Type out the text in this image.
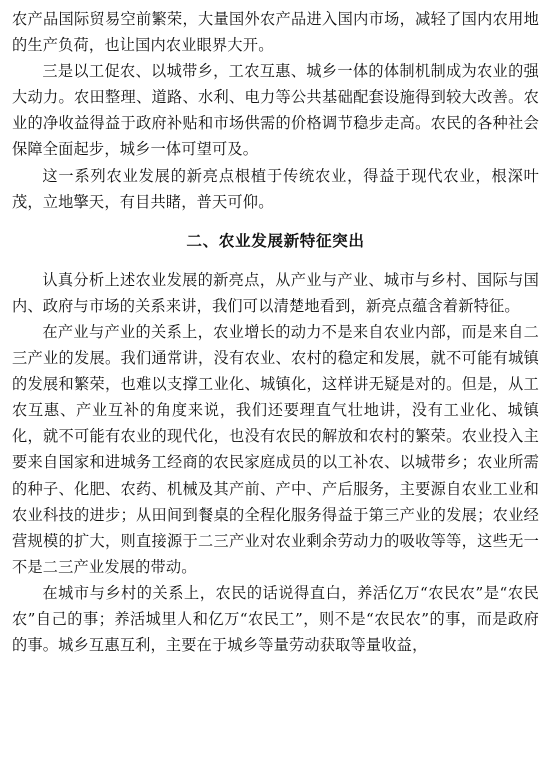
农产品国际贸易空前繁荣，大量国外农产品进入国内市场，减轻了国内农用地的生产负荷，也让国内农业眼界大开。

三是以工促农、以城带乡，工农互惠、城乡一体的体制机制成为农业的强大动力。农田整理、道路、水利、电力等公共基础配套设施得到较大改善。农业的净收益得益于政府补贴和市场供需的价格调节稳步走高。农民的各种社会保障全面起步，城乡一体可望可及。

这一系列农业发展的新亮点根植于传统农业，得益于现代农业，根深叶茂，立地擎天，有目共睹，普天可仰。

二、农业发展新特征突出

认真分析上述农业发展的新亮点，从产业与产业、城市与乡村、国际与国内、政府与市场的关系来讲，我们可以清楚地看到，新亮点蕴含着新特征。

在产业与产业的关系上，农业增长的动力不是来自农业内部，而是来自二三产业的发展。我们通常讲，没有农业、农村的稳定和发展，就不可能有城镇的发展和繁荣，也难以支撑工业化、城镇化，这样讲无疑是对的。但是，从工农互惠、产业互补的角度来说，我们还要理直气壮地讲，没有工业化、城镇化，就不可能有农业的现代化，也没有农民的解放和农村的繁荣。农业投入主要来自国家和进城务工经商的农民家庭成员的以工补农、以城带乡；农业所需的种子、化肥、农药、机械及其产前、产中、产后服务，主要源自农业工业和农业科技的进步；从田间到餐桌的全程化服务得益于第三产业的发展；农业经营规模的扩大，则直接源于二三产业对农业剩余劳动力的吸收等等，这些无一不是二三产业发展的带动。

在城市与乡村的关系上，农民的话说得直白，养活亿万“农民农”是“农民农”自己的事；养活城里人和亿万“农民工”，则不是“农民农”的事，而是政府的事。城乡互惠互利，主要在于城乡等量劳动获取等量收益，
